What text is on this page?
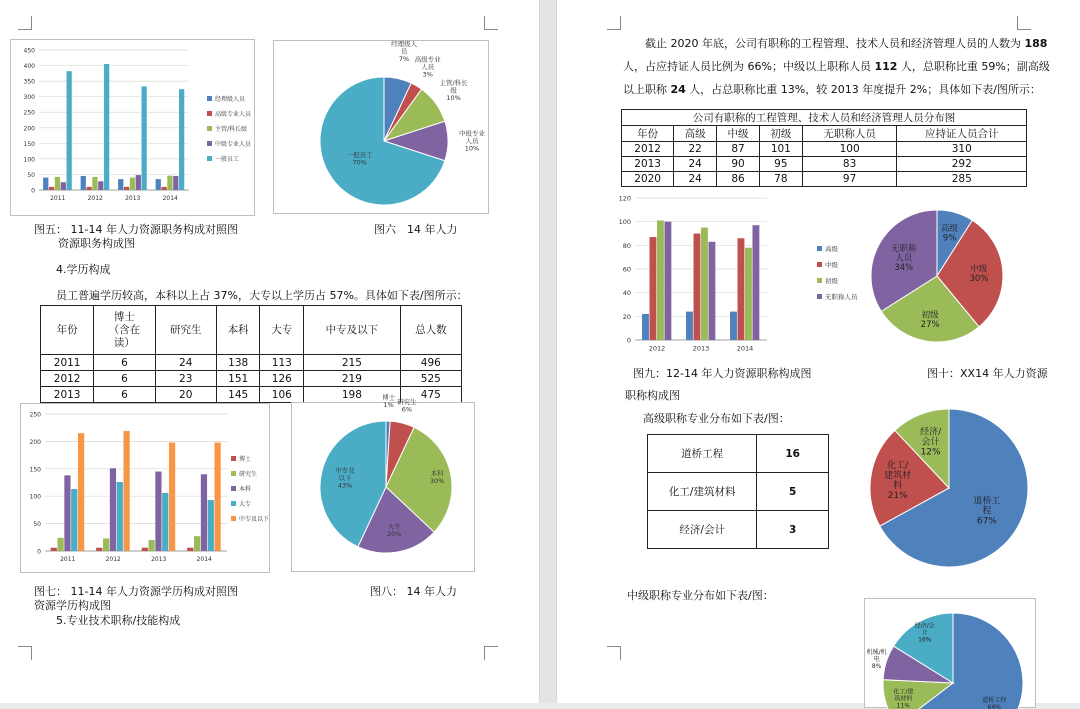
0
50
100
150
200
250
300
350
400
450
2011	2012	2013	2014
经理级人员
高级专业人员
主管/科长级
中级专业人员
一般员工
经理级人员 7% 高级专业人员 3%
主管/科长级 10%
中级专业人员 10%
一般员工 70%
图五： 11-14 年人力资源职务构成对照图
资源职务构成图
图六　14 年人力
4.学历构成
员工普遍学历较高，本科以上占 37%，大专以上学历占 57%。具体如下表/图所示：
年份	博士
（含在
读）	研究生	本科	大专	中专及以下	总人数
2011	6	24	138	113	215	496
2012	6	23	151	126	219	525
2013	6	20	145	106	198	475
0
50
100
150
200
250
2011	2012	2013	2014
博士
研究生
本科
大专
中专及以下
博士 1% 研究生 6%
本科 30%
大专 20%
中专及以下 43%
图七： 11-14 年人力资源学历构成对照图
资源学历构成图
图八： 14 年人力
5.专业技术职称/技能构成
截止 2020 年底，公司有职称的工程管理、技术人员和经济管理人员的人数为 188 人，占应持证人员比例为 66%；中级以上职称人员 112 人，总职称比重 59%；副高级以上职称 24 人，占总职称比重 13%，较 2013 年度提升 2%；具体如下表/图所示：
公司有职称的工程管理、技术人员和经济管理人员分布图					
年份	高级	中级	初级	无职称人员	应持证人员合计
2012	22	87	101	100	310
2013	24	90	95	83	292
2020	24	86	78	97	285
0
20
40
60
80
100
120
2012	2013	2014
高级
中级
初级
无职称人员
高级 9%
中级 30%
初级 27%
无职称人员 34%
图九：12-14 年人力资源职称构成图	图十：XX14 年人力资源
职称构成图
高级职称专业分布如下表/图：
道桥工程	16
化工/建筑材料	5
经济/会计	3
道桥工程 67%
化工/建筑材料 21%
经济/会计 12%
中级职称专业分布如下表/图：
道桥工程 64%
化工/建筑材料 11%
机械/机电 8%
经济/会计 16%
